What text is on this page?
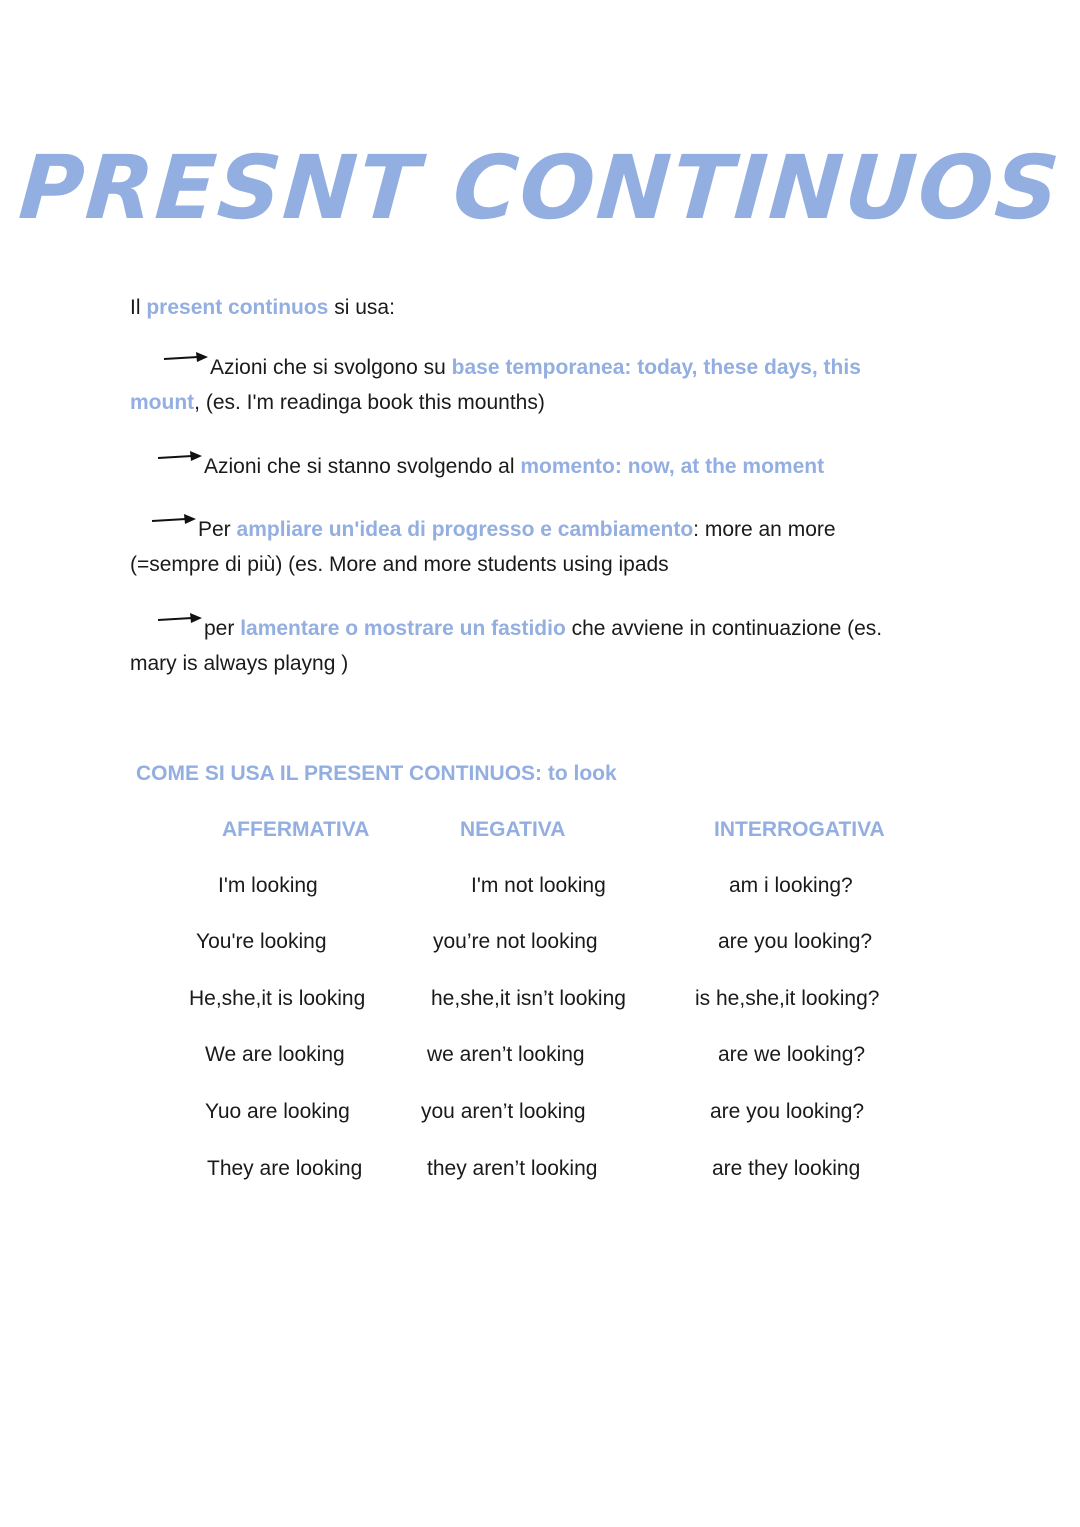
PRESNT CONTINUOS
Il present continuos si usa:
Azioni che si svolgono su base temporanea: today, these days, this mount, (es. I'm readinga book this mounths)
Azioni che si stanno svolgendo al momento: now, at the moment
Per ampliare un'idea di progresso e cambiamento: more an more (=sempre di più) (es. More and more students using ipads
per lamentare o mostrare un fastidio che avviene in continuazione (es. mary is always playng )
COME SI USA IL PRESENT CONTINUOS: to look
AFFERMATIVA	NEGATIVA	INTERROGATIVA
I'm looking	I'm not looking	am i looking?
You're looking	you’re not looking	are you looking?
He,she,it is looking	he,she,it isn’t looking	is he,she,it looking?
We are looking	we aren’t looking	are we looking?
Yuo are looking	you aren’t looking	are you looking?
They are looking	they aren’t looking	are they looking
